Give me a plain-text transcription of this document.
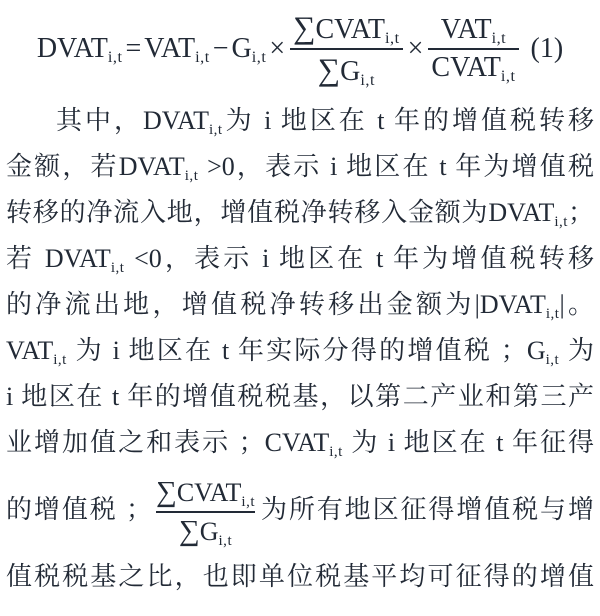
$DVAT_{i,t} = VAT_{i,t} - G_{i,t} \times \frac{\sum CVAT_{i,t}}{\sum G_{i,t}} \times \frac{VAT_{i,t}}{CVAT_{i,t}} (1)$
其中，$DVAT_{i,t}$为 i 地区在 t 年的增值税转移
金额，若$DVAT_{i,t} >0$，表示 i 地区在 t 年为增值税
转移的净流入地，增值税净转移入金额为$DVAT_{i,t}$；
若 $DVAT_{i,t} <0$，表示 i 地区在 t 年为增值税转移
的净流出地，增值税净转移出金额为$|DVAT_{i,t}|$。
$VAT_{i,t}$ 为 i 地区在 t 年实际分得的增值税 ；$G_{i,t}$ 为
i 地区在 t 年的增值税税基，以第二产业和第三产
业增加值之和表示 ；$CVAT_{i,t}$ 为 i 地区在 t 年征得
的增值税 ； $\frac{\sum CVAT_{i,t}}{\sum G_{i,t}}$ 为所有地区征得增值税与增
值税税基之比，也即单位税基平均可征得的增值
